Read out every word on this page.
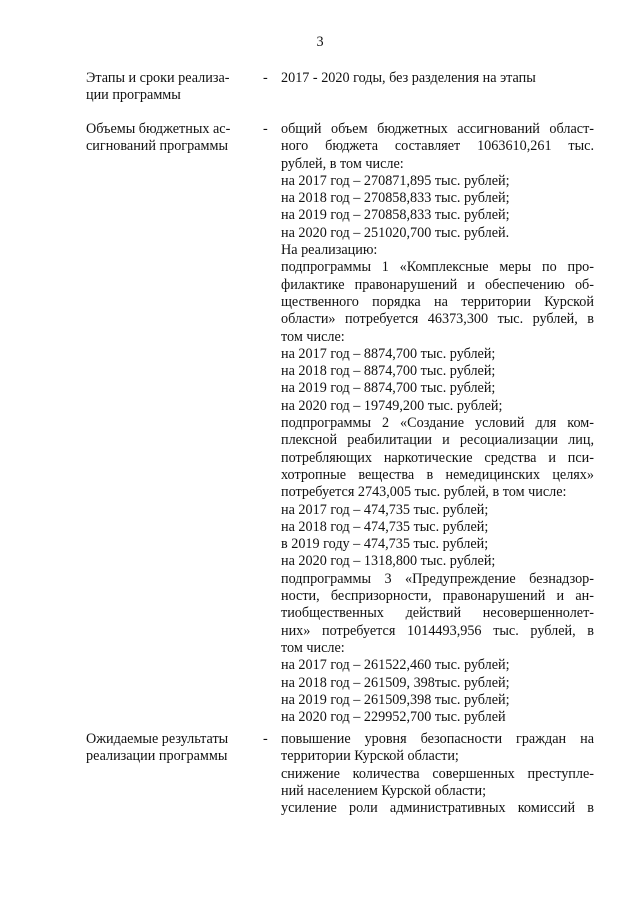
3
Этапы и сроки реализа-
ции программы
- 2017 - 2020 годы, без разделения на этапы
Объемы бюджетных ас-
сигнований программы
- общий объем бюджетных ассигнований област-
ного бюджета составляет 1063610,261 тыс.
рублей, в том числе:
на 2017 год – 270871,895 тыс. рублей;
на 2018 год – 270858,833 тыс. рублей;
на 2019 год – 270858,833 тыс. рублей;
на 2020 год – 251020,700 тыс. рублей.
На реализацию:
подпрограммы 1 «Комплексные меры по про-
филактике правонарушений и обеспечению об-
щественного порядка на территории Курской
области» потребуется 46373,300 тыс. рублей, в
том числе:
на 2017 год – 8874,700 тыс. рублей;
на 2018 год – 8874,700 тыс. рублей;
на 2019 год – 8874,700 тыс. рублей;
на 2020 год – 19749,200 тыс. рублей;
подпрограммы 2 «Создание условий для ком-
плексной реабилитации и ресоциализации лиц,
потребляющих наркотические средства и пси-
хотропные вещества в немедицинских целях»
потребуется 2743,005 тыс. рублей, в том числе:
на 2017 год – 474,735 тыс. рублей;
на 2018 год – 474,735 тыс. рублей;
в 2019 году – 474,735 тыс. рублей;
на 2020 год – 1318,800 тыс. рублей;
подпрограммы 3 «Предупреждение безнадзор-
ности, беспризорности, правонарушений и ан-
тиобщественных действий несовершеннолет-
них» потребуется 1014493,956 тыс. рублей, в
том числе:
на 2017 год – 261522,460 тыс. рублей;
на 2018 год – 261509, 398тыс. рублей;
на 2019 год – 261509,398 тыс. рублей;
на 2020 год – 229952,700 тыс. рублей
Ожидаемые результаты
реализации программы
- повышение уровня безопасности граждан на
территории Курской области;
снижение количества совершенных преступле-
ний населением Курской области;
усиление роли административных комиссий в
